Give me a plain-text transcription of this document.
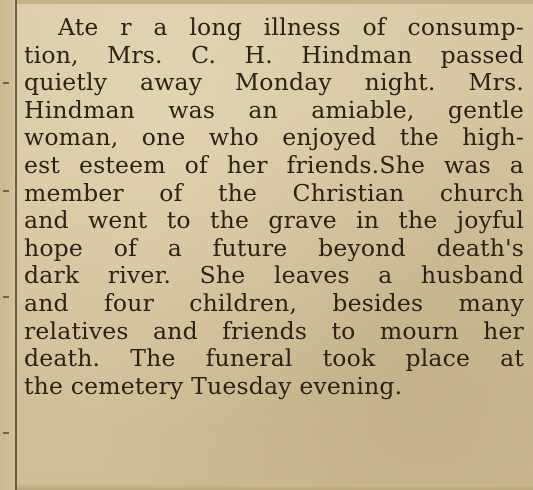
Ate r a long illness of consump-
tion, Mrs. C. H. Hindman passed
quietly away Monday night. Mrs.
Hindman was an amiable, gentle
woman, one who enjoyed the high-
est esteem of her friends.She was a
member of the Christian church
and went to the grave in the joyful
hope of a future beyond death's
dark river. She leaves a husband
and four children, besides many
relatives and friends to mourn her
death. The funeral took place at
the cemetery Tuesday evening.
